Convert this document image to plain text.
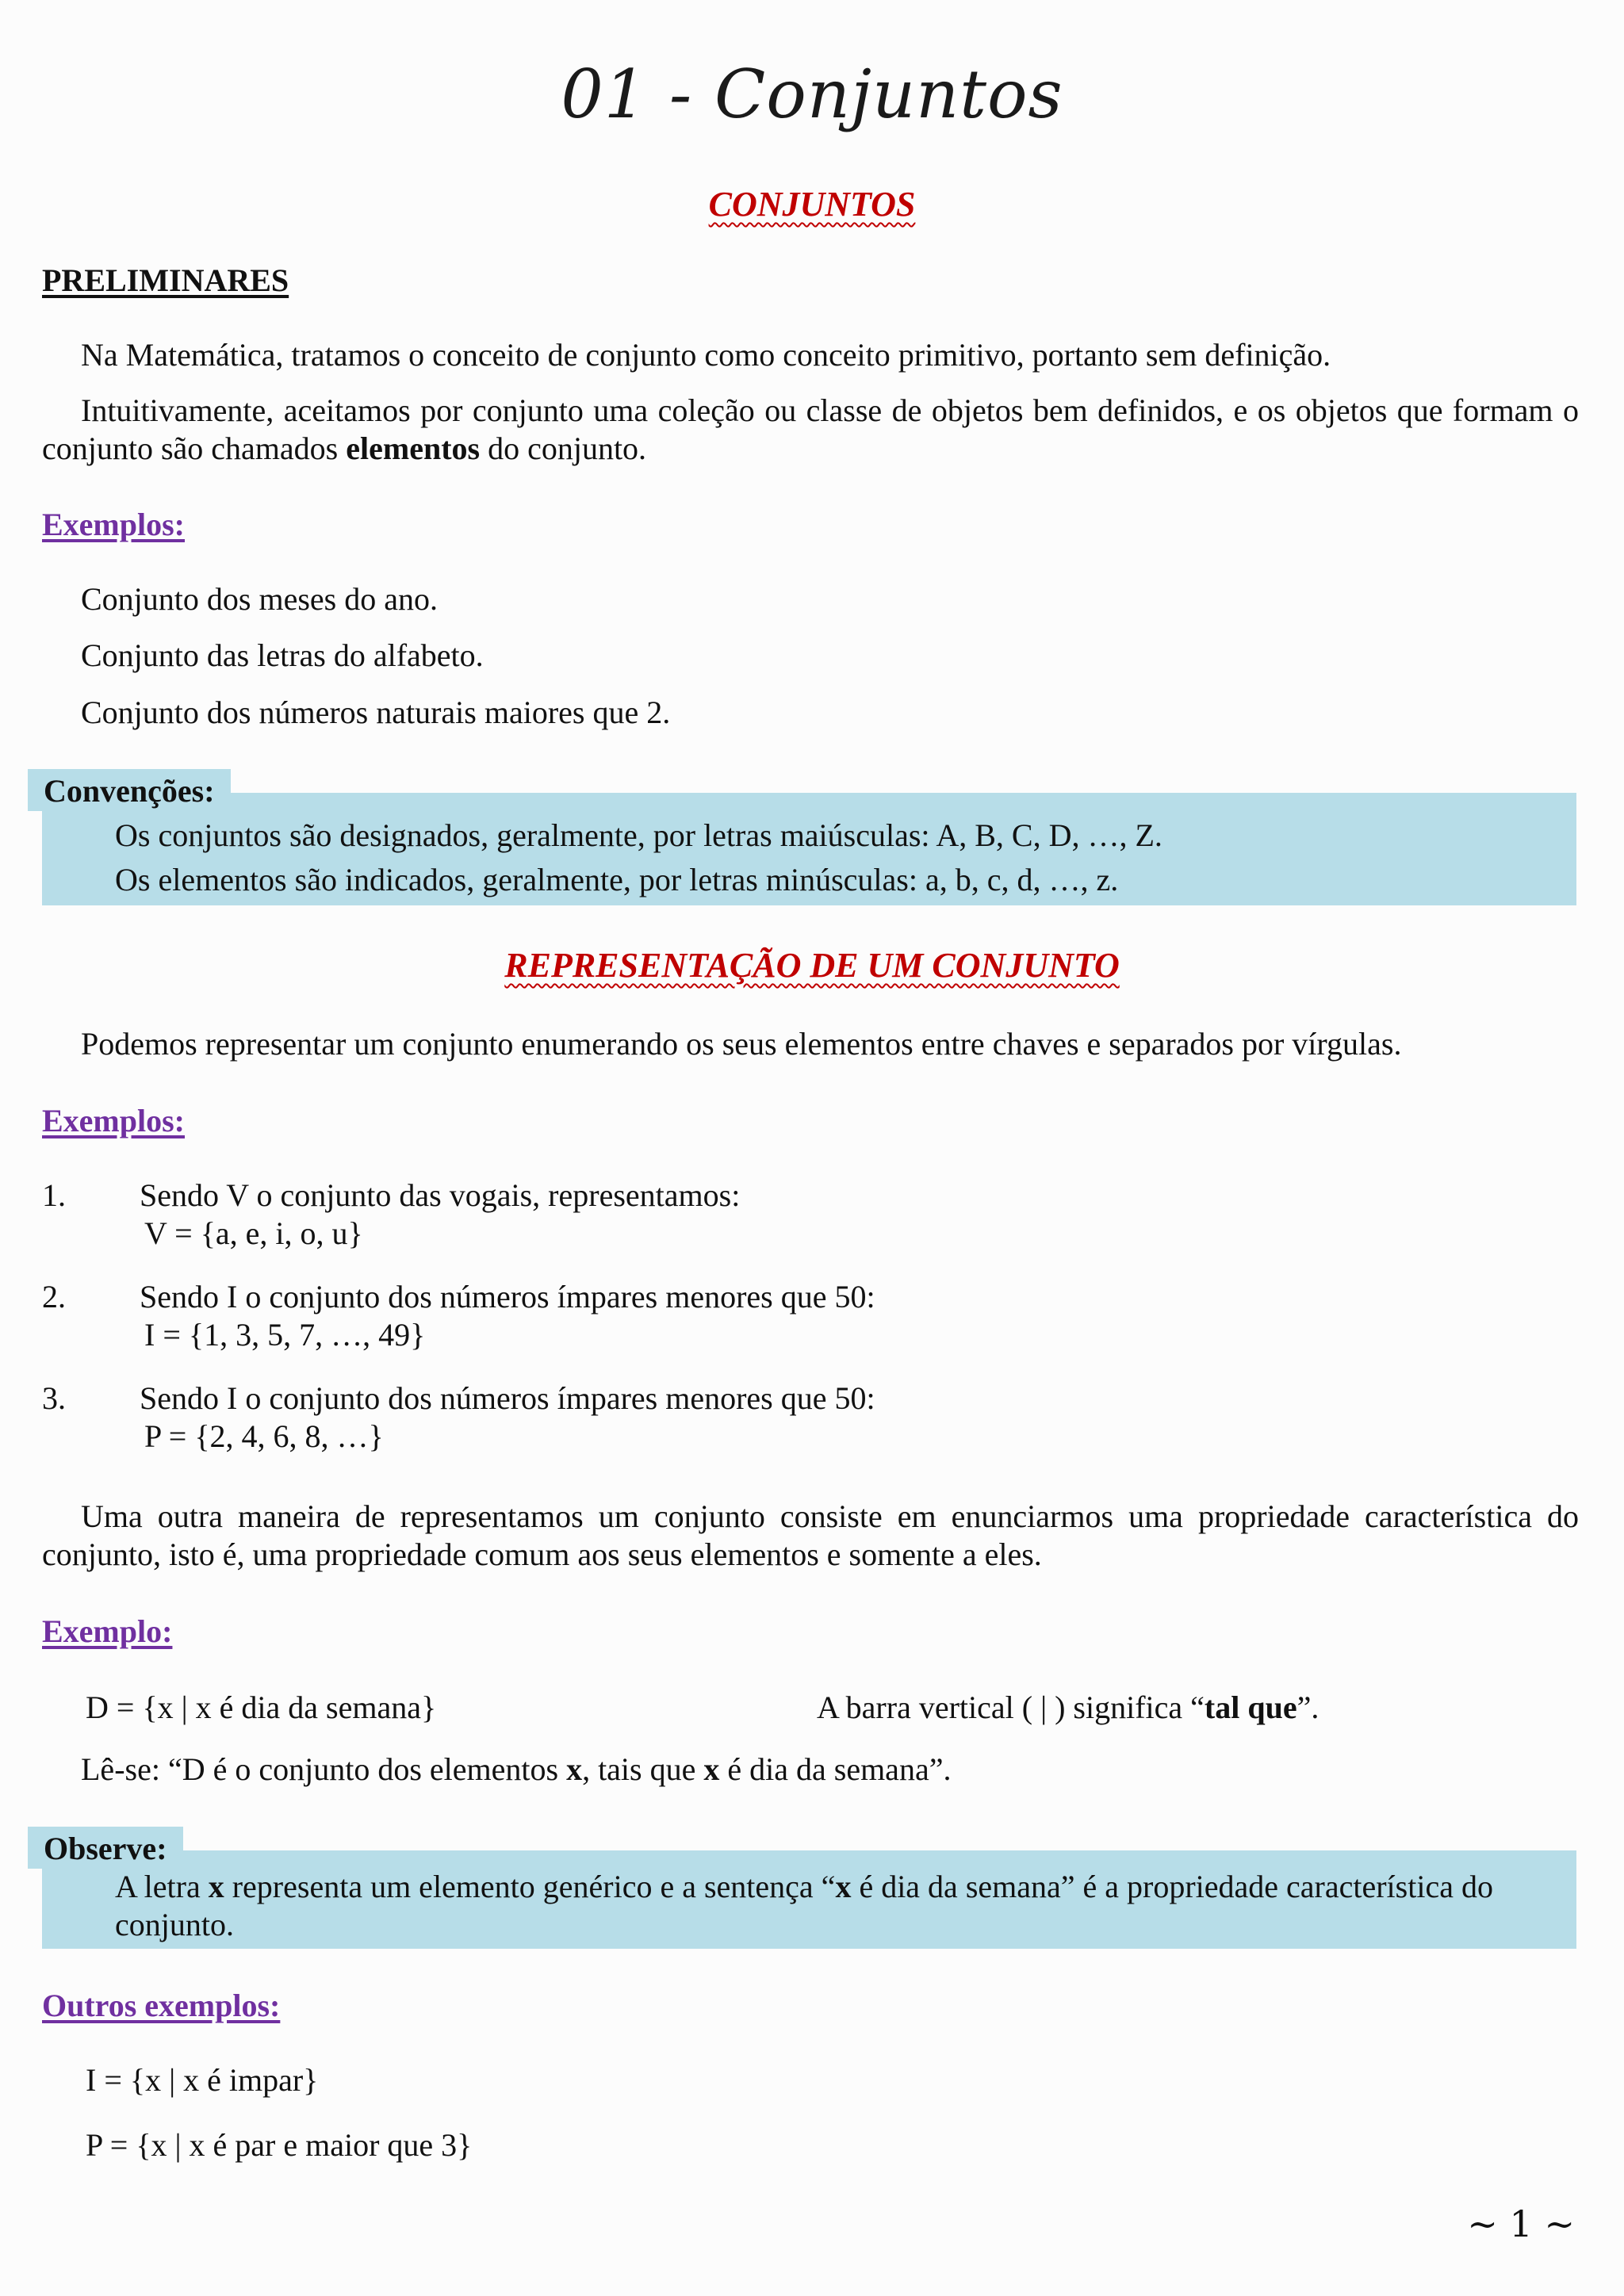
01 - Conjuntos
CONJUNTOS
PRELIMINARES

Na Matemática, tratamos o conceito de conjunto como conceito primitivo, portanto sem definição.

Intuitivamente, aceitamos por conjunto uma coleção ou classe de objetos bem definidos, e os objetos que formam o conjunto são chamados elementos do conjunto.

Exemplos:

Conjunto dos meses do ano.

Conjunto das letras do alfabeto.

Conjunto dos números naturais maiores que 2.

Os conjuntos são designados, geralmente, por letras maiúsculas: A, B, C, D, …, Z.

Os elementos são indicados, geralmente, por letras minúsculas: a, b, c, d, …, z.

Convenções:
REPRESENTAÇÃO DE UM CONJUNTO

Podemos representar um conjunto enumerando os seus elementos entre chaves e separados por vírgulas.

Exemplos:
1. Sendo V o conjunto das vogais, representamos:

V = {a, e, i, o, u}

2. Sendo I o conjunto dos números ímpares menores que 50:

I = {1, 3, 5, 7, …, 49}

3. Sendo I o conjunto dos números ímpares menores que 50:

P = {2, 4, 6, 8, …}

Uma outra maneira de representamos um conjunto consiste em enunciarmos uma propriedade característica do conjunto, isto é, uma propriedade comum aos seus elementos e somente a eles.

Exemplo:

D = {x | x é dia da semana}	A barra vertical ( | ) significa “tal que”.

Lê-se: “D é o conjunto dos elementos x, tais que x é dia da semana”.

A letra x representa um elemento genérico e a sentença “x é dia da semana” é a propriedade característica do conjunto.

Observe:
Outros exemplos:

I = {x | x é impar}

P = {x | x é par e maior que 3}

~ 1 ~
